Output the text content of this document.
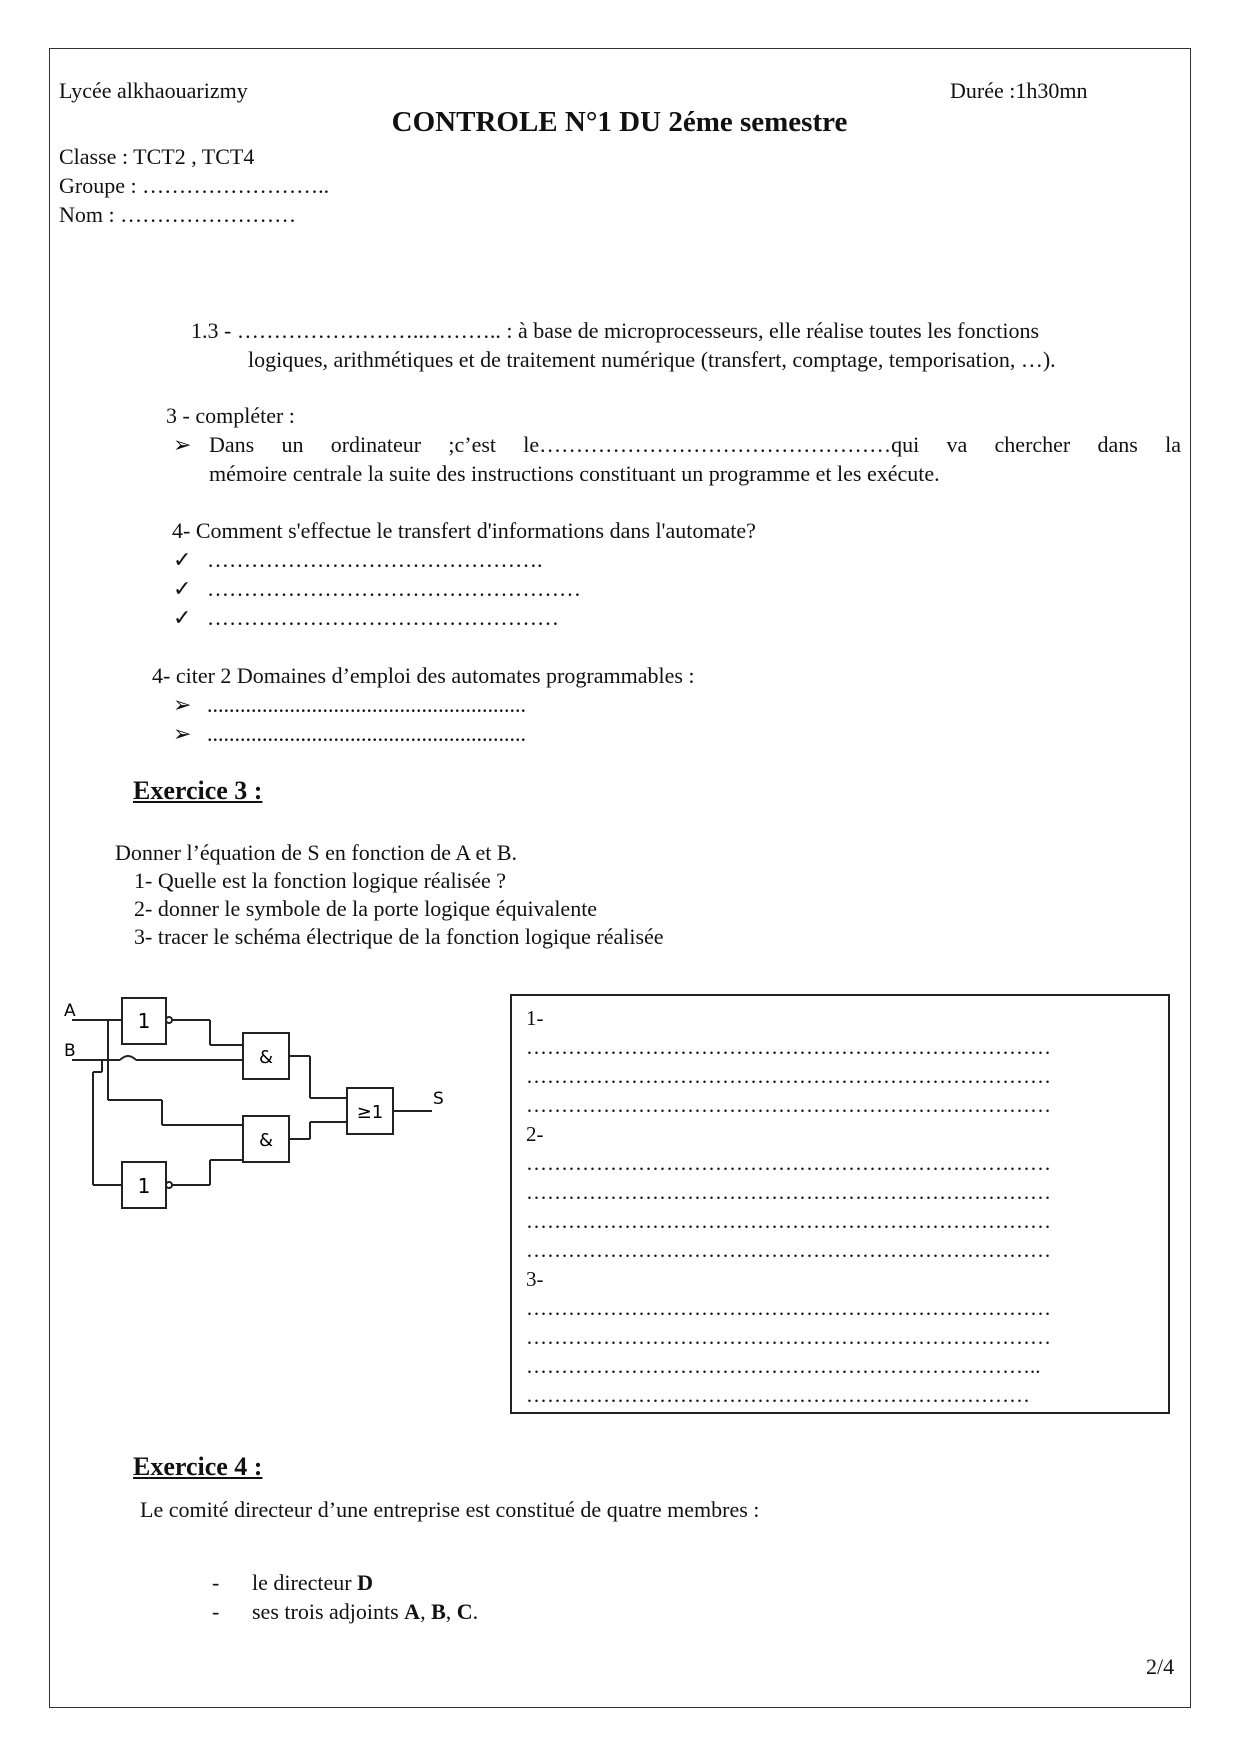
Lycée alkhaouarizmy	Durée :1h30mn
CONTROLE N°1 DU 2éme semestre
Classe : TCT2 , TCT4
Groupe : ……………………..
Nom : ……………………
1.3 - ……………………..……….. : à base de microprocesseurs, elle réalise toutes les fonctions
logiques, arithmétiques et de traitement numérique (transfert, comptage, temporisation, …).
3 - compléter :
➢ Dans un ordinateur ;c’est le…………………………………………qui va chercher dans la
mémoire centrale la suite des instructions constituant un programme et les exécute.
4- Comment s'effectue le transfert d'informations dans l'automate?
✓ ……………………………………….
✓ ……………………………………………
✓ …………………………………………
4- citer 2 Domaines d’emploi des automates programmables :
➢ ..........................................................
➢ ..........................................................
Exercice 3 :
Donner l’équation de S en fonction de A et B.
1- Quelle est la fonction logique réalisée ?
2- donner le symbole de la porte logique équivalente
3- tracer le schéma électrique de la fonction logique réalisée
A
B
S
1
1
&
&
≥1
1-
…………………………………………………………………
…………………………………………………………………
…………………………………………………………………
2-
…………………………………………………………………
…………………………………………………………………
…………………………………………………………………
…………………………………………………………………
3-
…………………………………………………………………
…………………………………………………………………
………………………………………………………………..
………………………………………………………………
Exercice 4 :
Le comité directeur d’une entreprise est constitué de quatre membres :
- le directeur D
- ses trois adjoints A, B, C.
2/4
